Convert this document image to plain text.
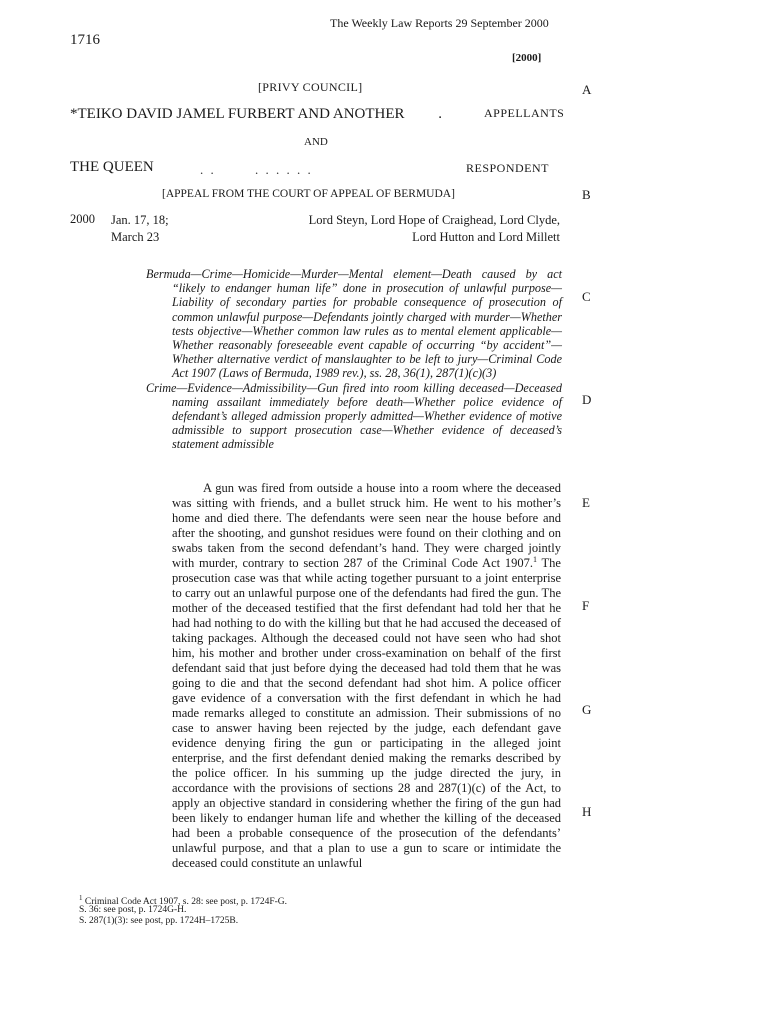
The Weekly Law Reports 29 September 2000
1716
[2000]
[PRIVY COUNCIL]
*TEIKO DAVID JAMEL FURBERT AND ANOTHER .	APPELLANTS
AND
THE QUEEN	. .	. . . . . .	RESPONDENT
[APPEAL FROM THE COURT OF APPEAL OF BERMUDA]
2000 Jan. 17, 18;
March 23
Lord Steyn, Lord Hope of Craighead, Lord Clyde,
Lord Hutton and Lord Millett

Bermuda—Crime—Homicide—Murder—Mental element—Death caused by act “likely to endanger human life” done in prosecution of unlawful purpose—Liability of secondary parties for probable consequence of prosecution of common unlawful purpose—Defendants jointly charged with murder—Whether tests objective—Whether common law rules as to mental element applicable—Whether reasonably foreseeable event capable of occurring “by accident”—Whether alternative verdict of manslaughter to be left to jury—Criminal Code Act 1907 (Laws of Bermuda, 1989 rev.), ss. 28, 36(1), 287(1)(c)(3)

Crime—Evidence—Admissibility—Gun fired into room killing deceased—Deceased naming assailant immediately before death—Whether police evidence of defendant’s alleged admission properly admitted—Whether evidence of motive admissible to support prosecution case—Whether evidence of deceased’s statement admissible

A gun was fired from outside a house into a room where the deceased was sitting with friends, and a bullet struck him. He went to his mother’s home and died there. The defendants were seen near the house before and after the shooting, and gunshot residues were found on their clothing and on swabs taken from the second defendant’s hand. They were charged jointly with murder, contrary to section 287 of the Criminal Code Act 1907.$^1$ The prosecution case was that while acting together pursuant to a joint enterprise to carry out an unlawful purpose one of the defendants had fired the gun. The mother of the deceased testified that the first defendant had told her that he had had nothing to do with the killing but that he had accused the deceased of taking packages. Although the deceased could not have seen who had shot him, his mother and brother under cross-examination on behalf of the first defendant said that just before dying the deceased had told them that he was going to die and that the second defendant had shot him. A police officer gave evidence of a conversation with the first defendant in which he had made remarks alleged to constitute an admission. Their submissions of no case to answer having been rejected by the judge, each defendant gave evidence denying firing the gun or participating in the alleged joint enterprise, and the first defendant denied making the remarks described by the police officer. In his summing up the judge directed the jury, in accordance with the provisions of sections 28 and 287(1)(c) of the Act, to apply an objective standard in considering whether the firing of the gun had been likely to endanger human life and whether the killing of the deceased had been a probable consequence of the prosecution of the defendants’ unlawful purpose, and that a plan to use a gun to scare or intimidate the deceased could constitute an unlawful

A
B
C
D
E
F
G
H
$^1$ Criminal Code Act 1907, s. 28: see post, p. 1724F-G.
S. 36: see post, p. 1724G-H.
S. 287(1)(3): see post, pp. 1724H–1725B.
